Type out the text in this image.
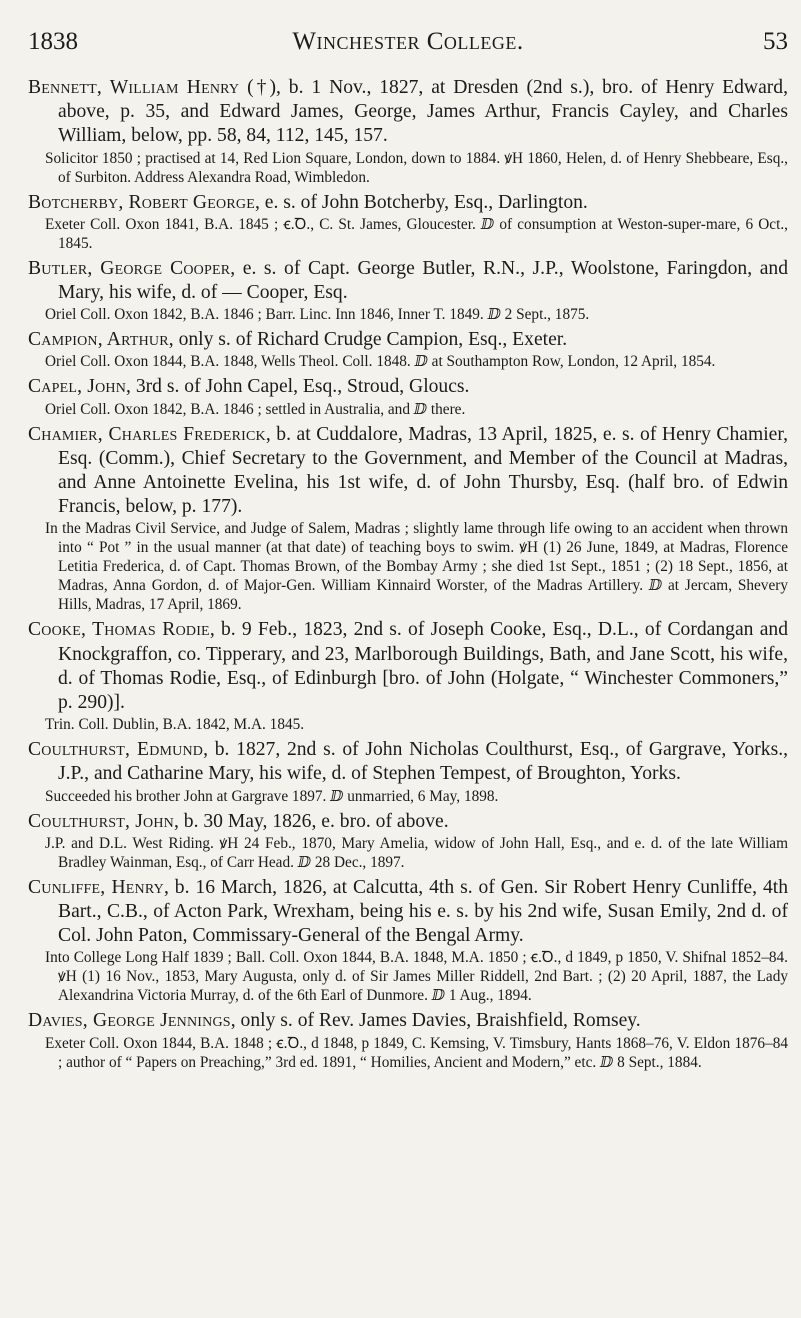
1838	Winchester College.	53
Bennett, William Henry (†), b. 1 Nov., 1827, at Dresden (2nd s.), bro. of Henry Edward, above, p. 35, and Edward James, George, James Arthur, Francis Cayley, and Charles William, below, pp. 58, 84, 112, 145, 157.
Solicitor 1850 ; practised at 14, Red Lion Square, London, down to 1884. ꝟH 1860, Helen, d. of Henry Shebbeare, Esq., of Surbiton. Address Alexandra Road, Wimbledon.
Botcherby, Robert George, e. s. of John Botcherby, Esq., Darlington.
Exeter Coll. Oxon 1841, B.A. 1845 ; ꞓ.Ꝺ., C. St. James, Gloucester. ⅅ of consumption at Weston-super-mare, 6 Oct., 1845.
Butler, George Cooper, e. s. of Capt. George Butler, R.N., J.P., Woolstone, Faringdon, and Mary, his wife, d. of — Cooper, Esq.
Oriel Coll. Oxon 1842, B.A. 1846 ; Barr. Linc. Inn 1846, Inner T. 1849. ⅅ 2 Sept., 1875.
Campion, Arthur, only s. of Richard Crudge Campion, Esq., Exeter.
Oriel Coll. Oxon 1844, B.A. 1848, Wells Theol. Coll. 1848. ⅅ at Southampton Row, London, 12 April, 1854.
Capel, John, 3rd s. of John Capel, Esq., Stroud, Gloucs.
Oriel Coll. Oxon 1842, B.A. 1846 ; settled in Australia, and ⅅ there.
Chamier, Charles Frederick, b. at Cuddalore, Madras, 13 April, 1825, e. s. of Henry Chamier, Esq. (Comm.), Chief Secretary to the Government, and Member of the Council at Madras, and Anne Antoinette Evelina, his 1st wife, d. of John Thursby, Esq. (half bro. of Edwin Francis, below, p. 177).
In the Madras Civil Service, and Judge of Salem, Madras ; slightly lame through life owing to an accident when thrown into “ Pot ” in the usual manner (at that date) of teaching boys to swim. ꝟH (1) 26 June, 1849, at Madras, Florence Letitia Frederica, d. of Capt. Thomas Brown, of the Bombay Army ; she died 1st Sept., 1851 ; (2) 18 Sept., 1856, at Madras, Anna Gordon, d. of Major-Gen. William Kinnaird Worster, of the Madras Artillery. ⅅ at Jercam, Shevery Hills, Madras, 17 April, 1869.
Cooke, Thomas Rodie, b. 9 Feb., 1823, 2nd s. of Joseph Cooke, Esq., D.L., of Cordangan and Knockgraffon, co. Tipperary, and 23, Marlborough Buildings, Bath, and Jane Scott, his wife, d. of Thomas Rodie, Esq., of Edinburgh [bro. of John (Holgate, “ Winchester Commoners,” p. 290)].
Trin. Coll. Dublin, B.A. 1842, M.A. 1845.
Coulthurst, Edmund, b. 1827, 2nd s. of John Nicholas Coulthurst, Esq., of Gargrave, Yorks., J.P., and Catharine Mary, his wife, d. of Stephen Tempest, of Broughton, Yorks.
Succeeded his brother John at Gargrave 1897. ⅅ unmarried, 6 May, 1898.
Coulthurst, John, b. 30 May, 1826, e. bro. of above.
J.P. and D.L. West Riding. ꝟH 24 Feb., 1870, Mary Amelia, widow of John Hall, Esq., and e. d. of the late William Bradley Wainman, Esq., of Carr Head. ⅅ 28 Dec., 1897.
Cunliffe, Henry, b. 16 March, 1826, at Calcutta, 4th s. of Gen. Sir Robert Henry Cunliffe, 4th Bart., C.B., of Acton Park, Wrexham, being his e. s. by his 2nd wife, Susan Emily, 2nd d. of Col. John Paton, Commissary-General of the Bengal Army.
Into College Long Half 1839 ; Ball. Coll. Oxon 1844, B.A. 1848, M.A. 1850 ; ꞓ.Ꝺ., d 1849, p 1850, V. Shifnal 1852–84. ꝟH (1) 16 Nov., 1853, Mary Augusta, only d. of Sir James Miller Riddell, 2nd Bart. ; (2) 20 April, 1887, the Lady Alexandrina Victoria Murray, d. of the 6th Earl of Dunmore. ⅅ 1 Aug., 1894.
Davies, George Jennings, only s. of Rev. James Davies, Braishfield, Romsey.
Exeter Coll. Oxon 1844, B.A. 1848 ; ꞓ.Ꝺ., d 1848, p 1849, C. Kemsing, V. Timsbury, Hants 1868–76, V. Eldon 1876–84 ; author of “ Papers on Preaching,” 3rd ed. 1891, “ Homilies, Ancient and Modern,” etc. ⅅ 8 Sept., 1884.
